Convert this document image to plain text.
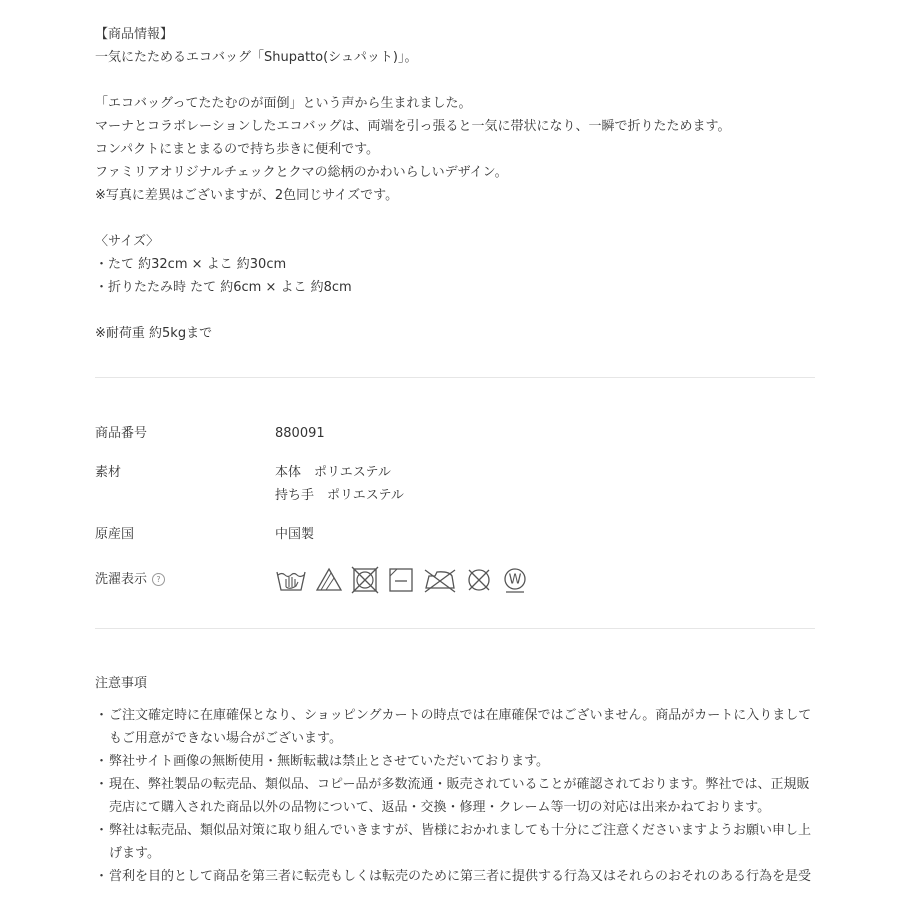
【商品情報】
一気にたためるエコバッグ「Shupatto(シュパット)」。
「エコバッグってたたむのが面倒」という声から生まれました。
マーナとコラボレーションしたエコバッグは、両端を引っ張ると一気に帯状になり、一瞬で折りたためます。
コンパクトにまとまるので持ち歩きに便利です。
ファミリアオリジナルチェックとクマの総柄のかわいらしいデザイン。
※写真に差異はございますが、2色同じサイズです。
〈サイズ〉
・たて 約32cm × よこ 約30cm
・折りたたみ時 たて 約6cm × よこ 約8cm
※耐荷重 約5kgまで
商品番号	880091
素材	本体　ポリエステル
持ち手　ポリエステル
原産国	中国製
洗濯表示 ?	W
注意事項
・ ご注文確定時に在庫確保となり、ショッピングカートの時点では在庫確保ではございません。商品がカートに入りまして
もご用意ができない場合がございます。
・ 弊社サイト画像の無断使用・無断転載は禁止とさせていただいております。
・ 現在、弊社製品の転売品、類似品、コピー品が多数流通・販売されていることが確認されております。弊社では、正規販
売店にて購入された商品以外の品物について、返品・交換・修理・クレーム等一切の対応は出来かねております。
・ 弊社は転売品、類似品対策に取り組んでいきますが、皆様におかれましても十分にご注意くださいますようお願い申し上
げます。
・ 営利を目的として商品を第三者に転売もしくは転売のために第三者に提供する行為又はそれらのおそれのある行為を是受
